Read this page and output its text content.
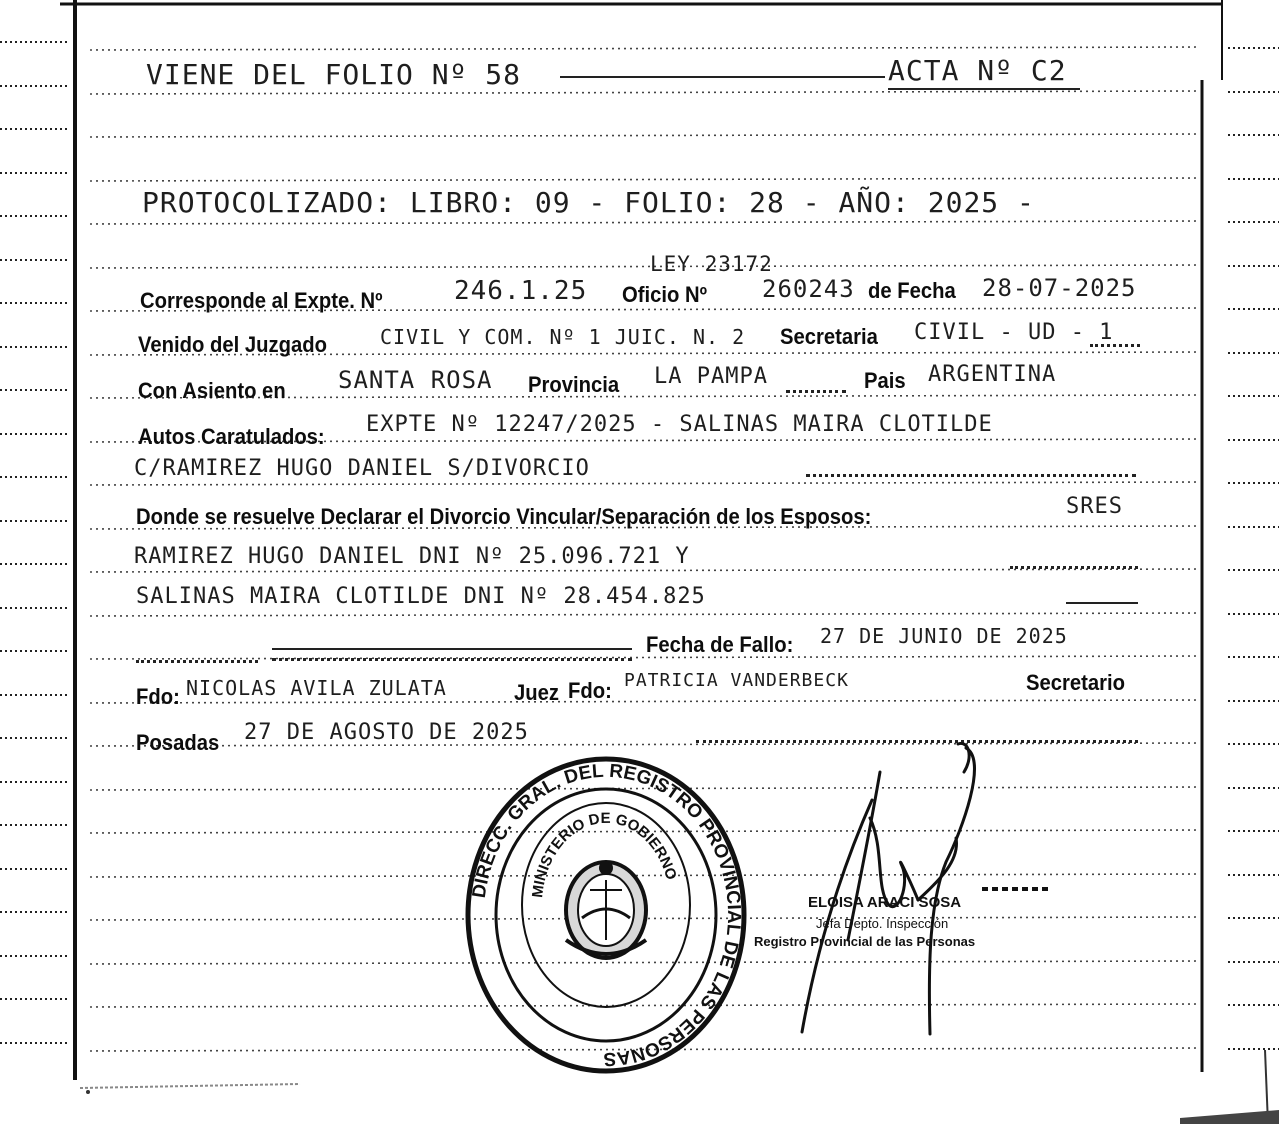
VIENE DEL FOLIO Nº 58	ACTA Nº C2
PROTOCOLIZADO: LIBRO: 09 - FOLIO: 28 - AÑO: 2025 -
LEY 23172
Corresponde al Expte. Nº	246.1.25 Oficio Nº 260243 de Fecha 28-07-2025
Venido del Juzgado	CIVIL Y COM. Nº 1 JUIC. N. 2 Secretaria CIVIL - UD - 1
Con Asiento en SANTA ROSA Provincia LA PAMPA	Pais ARGENTINA
Autos Caratulados: EXPTE Nº 12247/2025 - SALINAS MAIRA CLOTILDE
C/RAMIREZ HUGO DANIEL S/DIVORCIO
Donde se resuelve Declarar el Divorcio Vincular/Separación de los Esposos:	SRES
RAMIREZ HUGO DANIEL DNI Nº 25.096.721 Y
SALINAS MAIRA CLOTILDE DNI Nº 28.454.825
Fecha de Fallo: 27 DE JUNIO DE 2025
Fdo: NICOLAS AVILA ZULATA	Juez Fdo: PATRICIA VANDERBECK	Secretario
Posadas 27 DE AGOSTO DE 2025
DIRECC. GRAL. DEL REGISTRO PROVINCIAL DE LAS PERSONAS
MINISTERIO DE GOBIERNO
ELOISA ARACI SOSA
Jefa Depto. Inspección
Registro Provincial de las Personas
